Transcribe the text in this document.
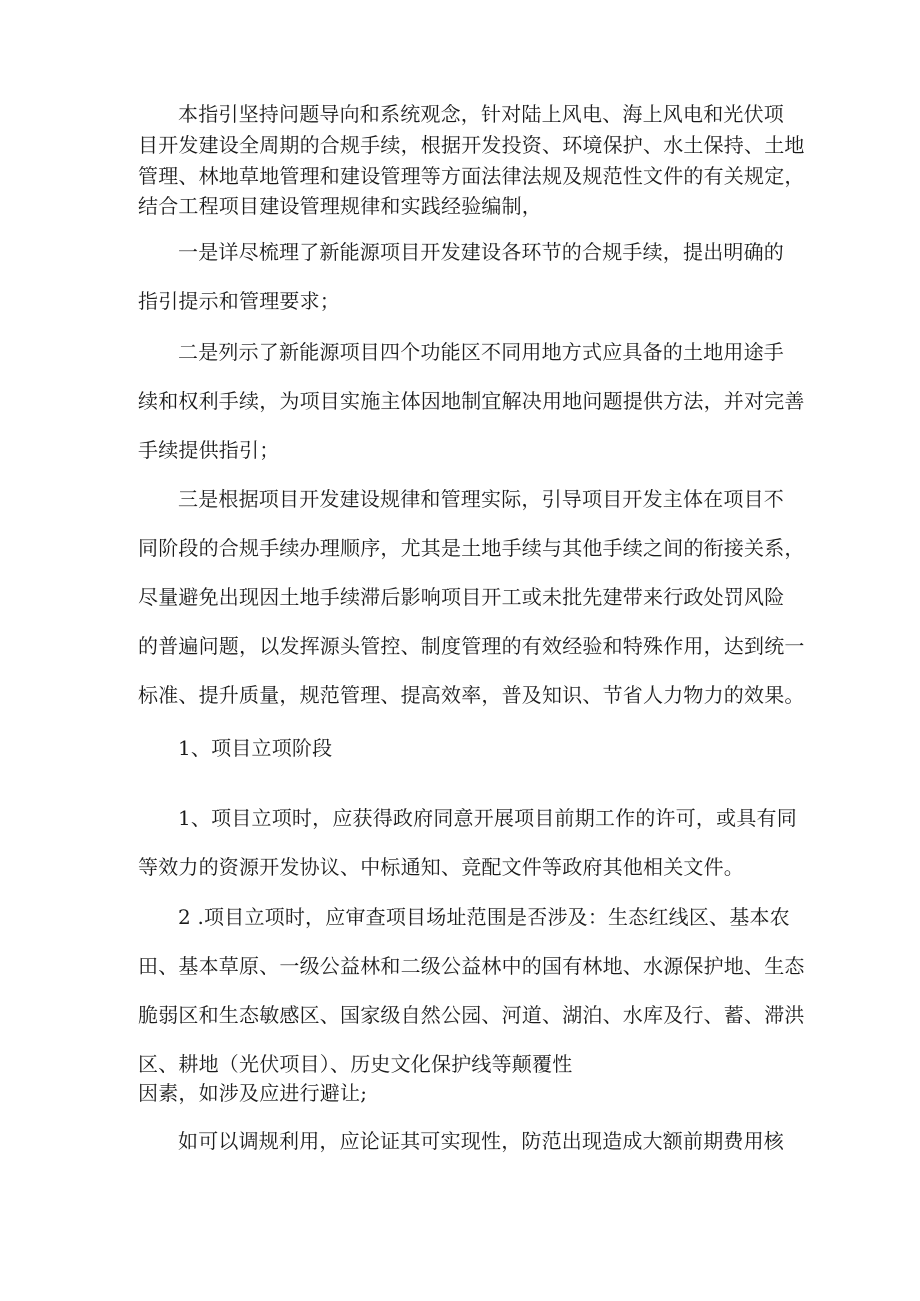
本指引坚持问题导向和系统观念，针对陆上风电、海上风电和光伏项
目开发建设全周期的合规手续，根据开发投资、环境保护、水土保持、土地
管理、林地草地管理和建设管理等方面法律法规及规范性文件的有关规定，
结合工程项目建设管理规律和实践经验编制，
一是详尽梳理了新能源项目开发建设各环节的合规手续，提出明确的
指引提示和管理要求；
二是列示了新能源项目四个功能区不同用地方式应具备的土地用途手
续和权利手续，为项目实施主体因地制宜解决用地问题提供方法，并对完善
手续提供指引；
三是根据项目开发建设规律和管理实际，引导项目开发主体在项目不
同阶段的合规手续办理顺序，尤其是土地手续与其他手续之间的衔接关系，
尽量避免出现因土地手续滞后影响项目开工或未批先建带来行政处罚风险
的普遍问题，以发挥源头管控、制度管理的有效经验和特殊作用，达到统一
标准、提升质量，规范管理、提高效率，普及知识、节省人力物力的效果。
1、项目立项阶段
1、项目立项时，应获得政府同意开展项目前期工作的许可，或具有同
等效力的资源开发协议、中标通知、竞配文件等政府其他相关文件。
2 .项目立项时，应审查项目场址范围是否涉及：生态红线区、基本农
田、基本草原、一级公益林和二级公益林中的国有林地、水源保护地、生态
脆弱区和生态敏感区、国家级自然公园、河道、湖泊、水库及行、蓄、滞洪
区、耕地（光伏项目）、历史文化保护线等颠覆性
因素，如涉及应进行避让;
如可以调规利用，应论证其可实现性，防范出现造成大额前期费用核
